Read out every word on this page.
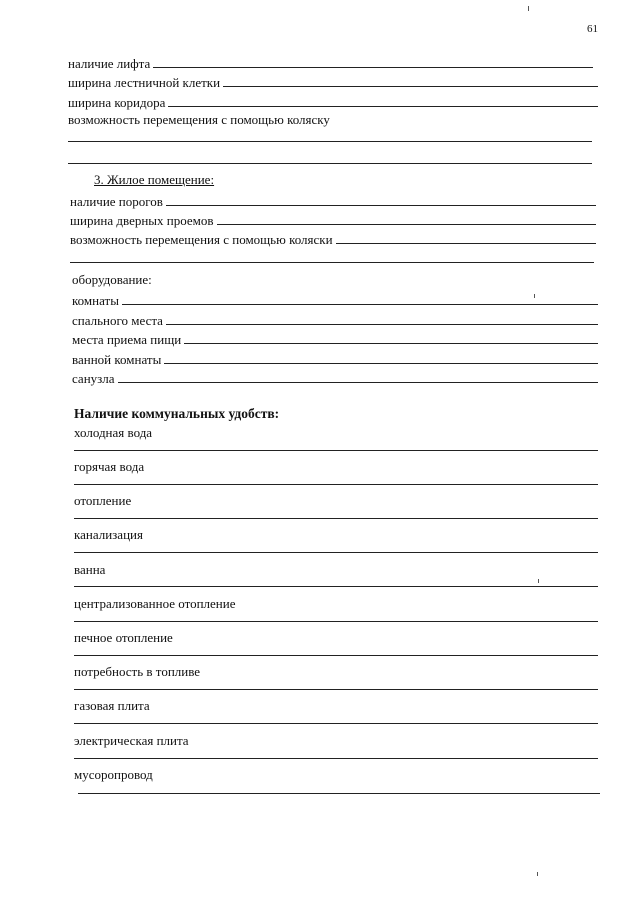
61
наличие лифта
ширина лестничной клетки
ширина коридора
возможность перемещения с помощью коляску
3. Жилое помещение:
наличие порогов
ширина дверных проемов
возможность перемещения с помощью коляски
оборудование:
комнаты
спального места
места приема пищи
ванной комнаты
санузла
Наличие коммунальных удобств:
холодная вода
горячая вода
отопление
канализация
ванна
централизованное отопление
печное отопление
потребность в топливе
газовая плита
электрическая плита
мусоропровод
